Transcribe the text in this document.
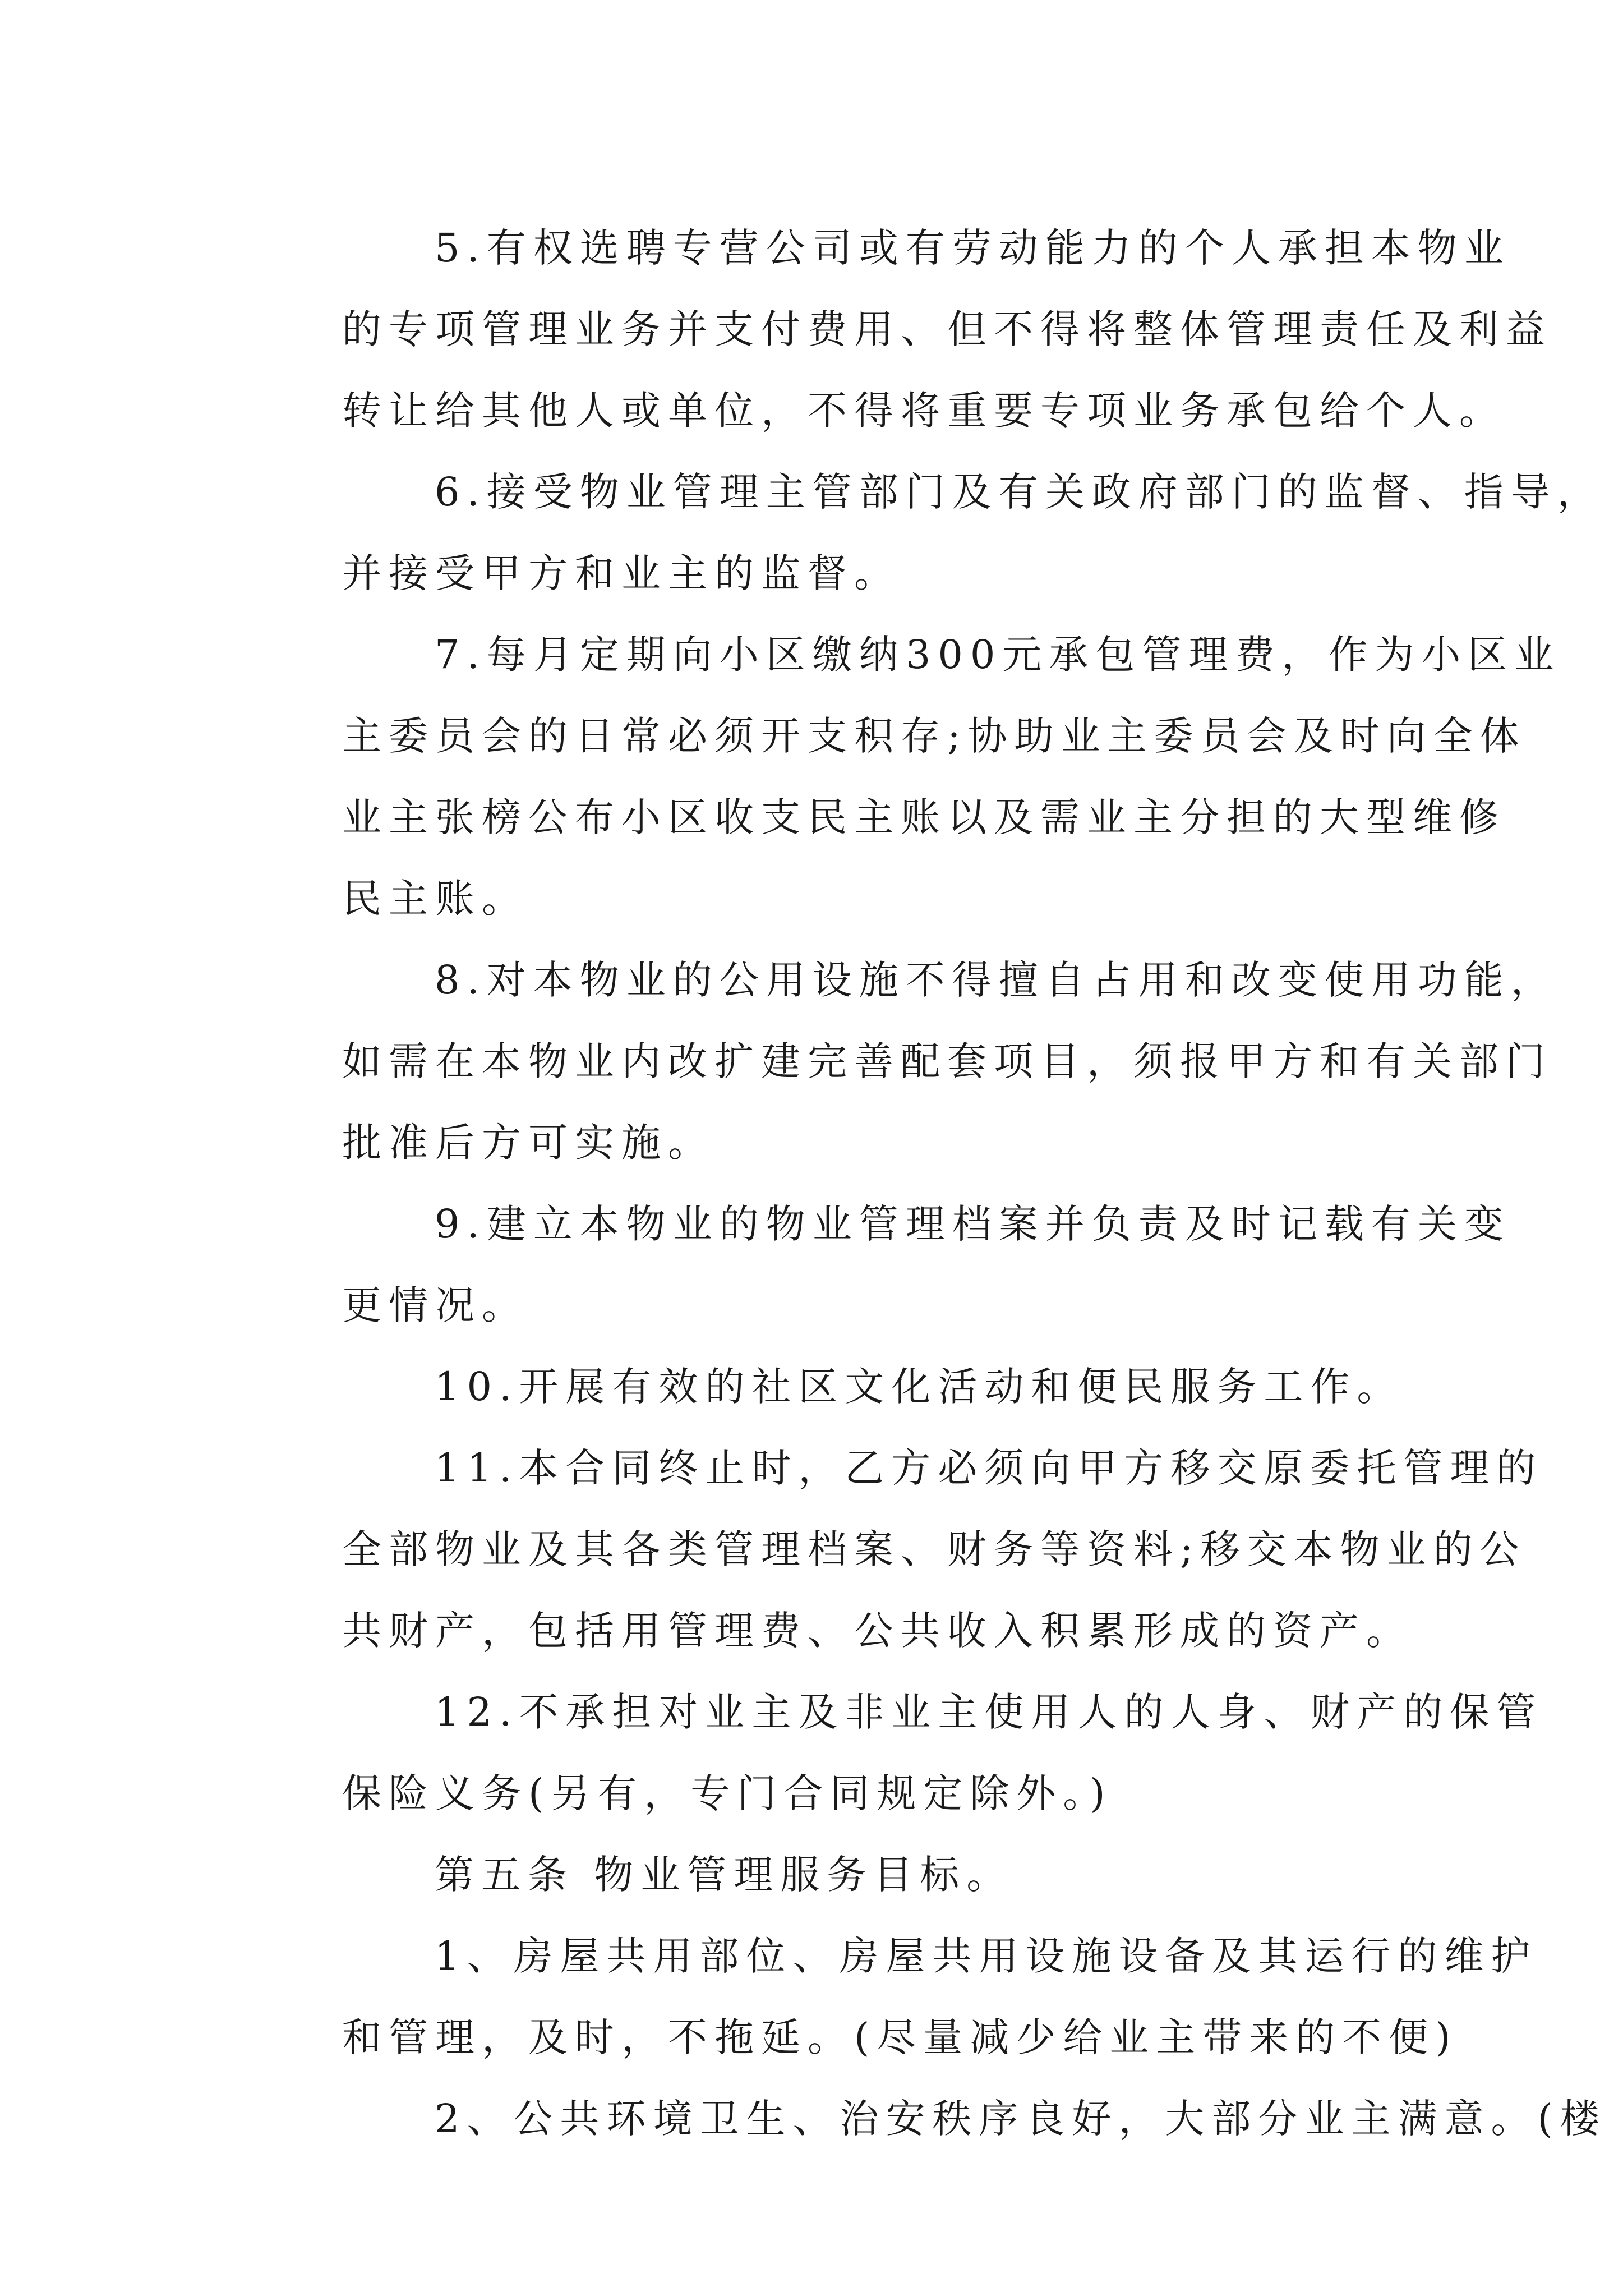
5.有权选聘专营公司或有劳动能力的个人承担本物业
的专项管理业务并支付费用、但不得将整体管理责任及利益
转让给其他人或单位，不得将重要专项业务承包给个人。
6.接受物业管理主管部门及有关政府部门的监督、指导，
并接受甲方和业主的监督。
7.每月定期向小区缴纳300元承包管理费，作为小区业
主委员会的日常必须开支积存;协助业主委员会及时向全体
业主张榜公布小区收支民主账以及需业主分担的大型维修
民主账。
8.对本物业的公用设施不得擅自占用和改变使用功能，
如需在本物业内改扩建完善配套项目，须报甲方和有关部门
批准后方可实施。
9.建立本物业的物业管理档案并负责及时记载有关变
更情况。
10.开展有效的社区文化活动和便民服务工作。
11.本合同终止时，乙方必须向甲方移交原委托管理的
全部物业及其各类管理档案、财务等资料;移交本物业的公
共财产，包括用管理费、公共收入积累形成的资产。
12.不承担对业主及非业主使用人的人身、财产的保管
保险义务(另有，专门合同规定除外。)
第五条 物业管理服务目标。
1、房屋共用部位、房屋共用设施设备及其运行的维护
和管理，及时，不拖延。(尽量减少给业主带来的不便)
2、公共环境卫生、治安秩序良好，大部分业主满意。(楼
